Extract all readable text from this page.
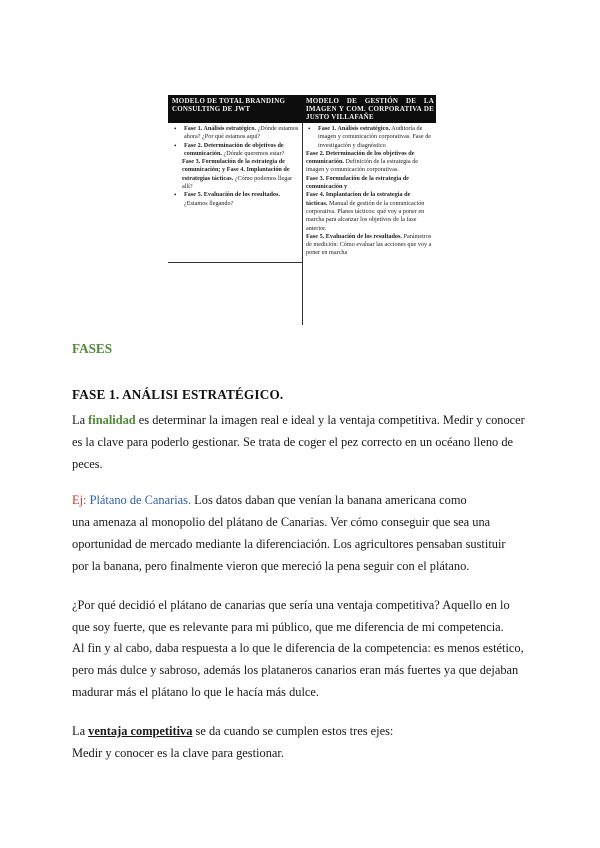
MODELO DE TOTAL BRANDING CONSULTING DE JWT
MODELO DE GESTIÓN DE LA IMAGEN Y COM. CORPORATIVA DE JUSTO VILLAFAÑE

• Fase 1. Análisis estratégico. ¿Dónde estamos ahora? ¿Por qué estamos aquí?

• Fase 2. Determinación de objetivos de comunicación. ¿Dónde queremos estar?

Fase 3. Formulación de la estrategia de comunicación; y Fase 4. Implantación de estrategias tácticas. ¿Cómo podemos llegar allí?

• Fase 5. Evaluación de los resultados. ¿Estamos llegando?

• Fase 1. Análisis estratégico. Auditoría de imagen y comunicación corporativas. Fase de investigación y diagnóstico

Fase 2. Determinación de los objetivos de comunicación. Definición de la estrategia de imagen y comunicación corporativas.

Fase 3. Formulación de la estrategia de comunicación y

Fase 4. Implantacion de la estrategia de tácticas. Manual de gestión de la comunicación corporativa. Planes tácticos: qué voy a poner en marcha para alcanzar los objetivos de la fase anterior.

Fase 5. Evaluación de los resultados. Parámetros de medición: Cómo evaluar las acciones que voy a poner en marcha

FASES
FASE 1. ANÁLISI ESTRATÉGICO.
La finalidad es determinar la imagen real e ideal y la ventaja competitiva. Medir y conocer
es la clave para poderlo gestionar. Se trata de coger el pez correcto en un océano lleno de
peces.
Ej: Plátano de Canarias. Los datos daban que venían la banana americana como
una amenaza al monopolio del plátano de Canarias. Ver cómo conseguir que sea una
oportunidad de mercado mediante la diferenciación. Los agricultores pensaban sustituir
por la banana, pero finalmente vieron que mereció la pena seguir con el plátano.
¿Por qué decidió el plátano de canarias que sería una ventaja competitiva? Aquello en lo
que soy fuerte, que es relevante para mi público, que me diferencia de mi competencia.
Al fin y al cabo, daba respuesta a lo que le diferencia de la competencia: es menos estético,
pero más dulce y sabroso, además los plataneros canarios eran más fuertes ya que dejaban
madurar más el plátano lo que le hacía más dulce.
La ventaja competitiva se da cuando se cumplen estos tres ejes:
Medir y conocer es la clave para gestionar.
